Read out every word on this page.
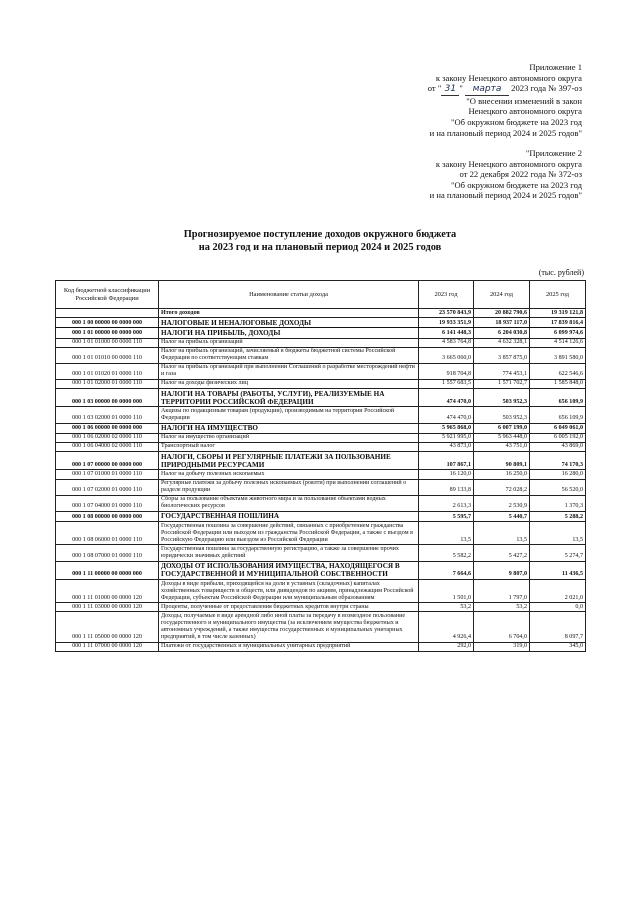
Приложение 1
к закону Ненецкого автономного округа
от " 31 " марта 2023 года № 397-оз
"О внесении изменений в закон
Ненецкого автономного округа
"Об окружном бюджете на 2023 год
и на плановый период 2024 и 2025 годов"
"Приложение 2
к закону Ненецкого автономного округа
от 22 декабря 2022 года № 372-оз
"Об окружном бюджете на 2023 год
и на плановый период 2024 и 2025 годов"
Прогнозируемое поступление доходов окружного бюджета
на 2023 год и на плановый период 2024 и 2025 годов
(тыс. рублей)
Код бюджетной классификации Российской Федерации	Наименование статьи дохода	2023 год	2024 год	2025 год
	Итого доходов	23 570 843,9	20 882 790,6	19 319 121,8
000 1 00 00000 00 0000 000	НАЛОГОВЫЕ И НЕНАЛОГОВЫЕ ДОХОДЫ	19 933 351,9	18 937 117,0	17 839 816,4
000 1 01 00000 00 0000 000	НАЛОГИ НА ПРИБЫЛЬ, ДОХОДЫ	6 141 448,3	6 204 030,8	6 099 974,6
000 1 01 01000 00 0000 110	Налог на прибыль организаций	4 583 764,8	4 632 328,1	4 514 126,6
000 1 01 01010 00 0000 110	Налог на прибыль организаций, зачисляемый в бюджеты бюджетной системы Российской Федерации по соответствующим ставкам	3 665 060,0	3 857 875,0	3 891 580,0
000 1 01 01020 01 0000 110	Налог на прибыль организаций при выполнении Соглашений о разработке месторождений нефти и газа	918 704,8	774 453,1	622 546,6
000 1 01 02000 01 0000 110	Налог на доходы физических лиц	1 557 683,5	1 571 702,7	1 585 848,0
000 1 03 00000 00 0000 000	НАЛОГИ НА ТОВАРЫ (РАБОТЫ, УСЛУГИ), РЕАЛИЗУЕМЫЕ НА ТЕРРИТОРИИ РОССИЙСКОЙ ФЕДЕРАЦИИ	474 470,0	503 952,3	656 109,9
000 1 03 02000 01 0000 110	Акцизы по подакцизным товарам (продукции), производимым на территории Российской Федерации	474 470,0	503 952,3	656 109,9
000 1 06 00000 00 0000 000	НАЛОГИ НА ИМУЩЕСТВО	5 965 868,0	6 007 199,0	6 049 061,0
000 1 06 02000 02 0000 110	Налог на имущество организаций	5 921 995,0	5 963 448,0	6 005 192,0
000 1 06 04000 02 0000 110	Транспортный налог	43 873,0	43 751,0	43 869,0
000 1 07 00000 00 0000 000	НАЛОГИ, СБОРЫ И РЕГУЛЯРНЫЕ ПЛАТЕЖИ ЗА ПОЛЬЗОВАНИЕ ПРИРОДНЫМИ РЕСУРСАМИ	107 867,1	90 809,1	74 170,3
000 1 07 01000 01 0000 110	Налог на добычу полезных ископаемых	16 120,0	16 250,0	16 280,0
000 1 07 02000 01 0000 110	Регулярные платежи за добычу полезных ископаемых (роялти) при выполнении соглашений о разделе продукции	89 133,8	72 028,2	56 520,0
000 1 07 04000 01 0000 110	Сборы за пользование объектами животного мира и за пользование объектами водных биологических ресурсов	2 613,3	2 530,9	1 370,3
000 1 08 00000 00 0000 000	ГОСУДАРСТВЕННАЯ ПОШЛИНА	5 595,7	5 440,7	5 288,2
000 1 08 06000 01 0000 110	Государственная пошлина за совершение действий, связанных с приобретением гражданства Российской Федерации или выходом из гражданства Российской Федерации, а также с въездом в Российскую Федерацию или выездом из Российской Федерации	13,5	13,5	13,5
000 1 08 07000 01 0000 110	Государственная пошлина за государственную регистрацию, а также за совершение прочих юридически значимых действий	5 582,2	5 427,2	5 274,7
000 1 11 00000 00 0000 000	ДОХОДЫ ОТ ИСПОЛЬЗОВАНИЯ ИМУЩЕСТВА, НАХОДЯЩЕГОСЯ В ГОСУДАРСТВЕННОЙ И МУНИЦИПАЛЬНОЙ СОБСТВЕННОСТИ	7 664,6	9 807,0	11 436,5
000 1 11 01000 00 0000 120	Доходы в виде прибыли, приходящейся на доли в уставных (складочных) капиталах хозяйственных товариществ и обществ, или дивидендов по акциям, принадлежащим Российской Федерации, субъектам Российской Федерации или муниципальным образованиям	1 501,0	1 797,0	2 021,0
000 1 11 03000 00 0000 120	Проценты, полученные от предоставления бюджетных кредитов внутри страны	53,2	53,2	0,0
000 1 11 05000 00 0000 120	Доходы, получаемые в виде арендной либо иной платы за передачу в возмездное пользование государственного и муниципального имущества (за исключением имущества бюджетных и автономных учреждений, а также имущества государственных и муниципальных унитарных предприятий, в том числе казенных)	4 926,4	6 704,0	8 097,7
000 1 11 07000 00 0000 120	Платежи от государственных и муниципальных унитарных предприятий	292,0	319,0	345,0
